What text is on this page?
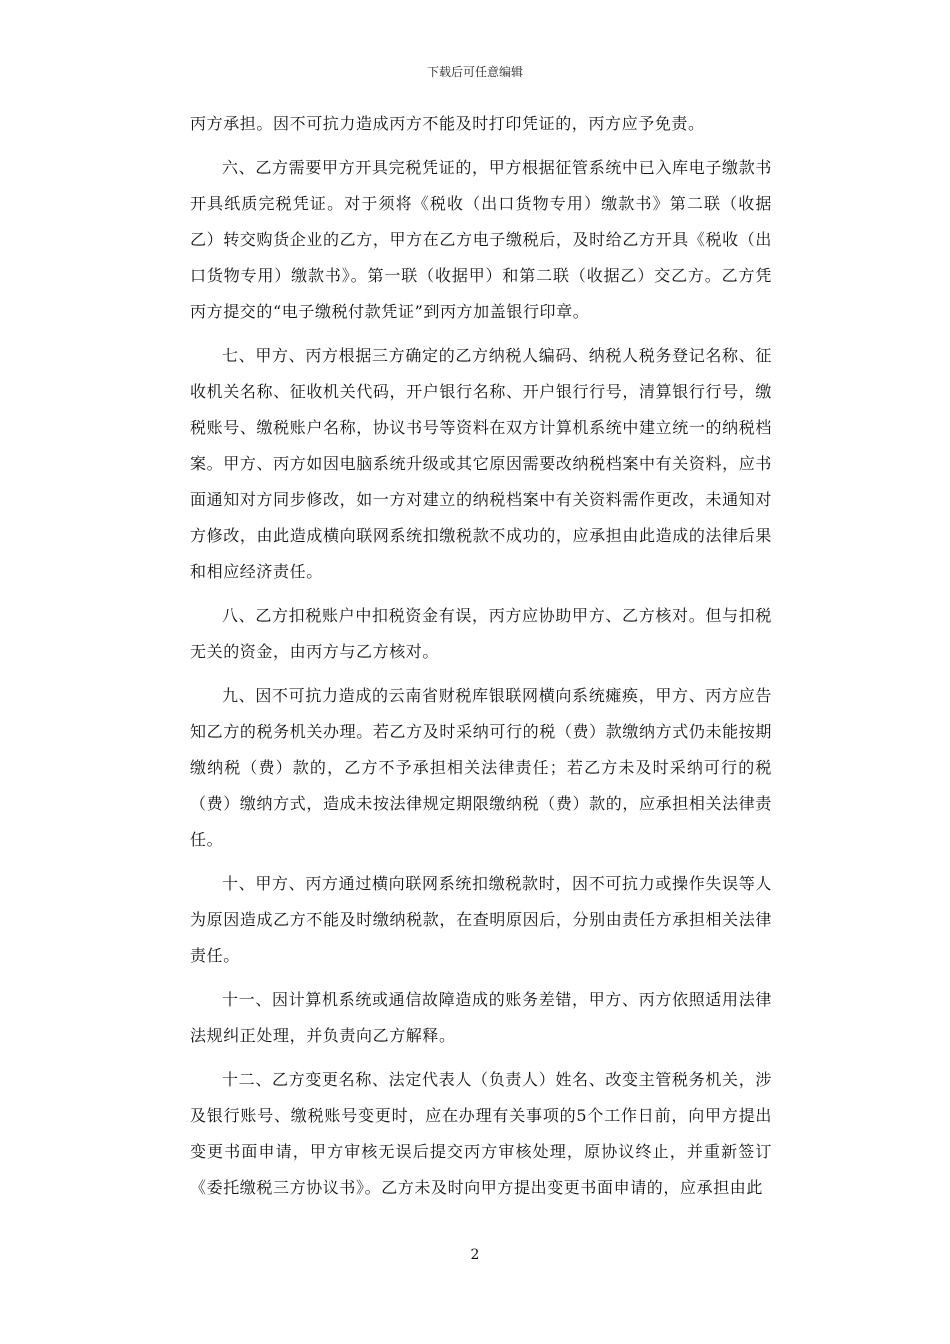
下载后可任意编辑

丙方承担。因不可抗力造成丙方不能及时打印凭证的，丙方应予免责。

六、乙方需要甲方开具完税凭证的，甲方根据征管系统中已入库电子缴款书开具纸质完税凭证。对于须将《税收（出口货物专用）缴款书》第二联（收据乙）转交购货企业的乙方，甲方在乙方电子缴税后，及时给乙方开具《税收（出口货物专用）缴款书》。第一联（收据甲）和第二联（收据乙）交乙方。乙方凭丙方提交的“电子缴税付款凭证”到丙方加盖银行印章。

七、甲方、丙方根据三方确定的乙方纳税人编码、纳税人税务登记名称、征收机关名称、征收机关代码，开户银行名称、开户银行行号，清算银行行号，缴税账号、缴税账户名称，协议书号等资料在双方计算机系统中建立统一的纳税档案。甲方、丙方如因电脑系统升级或其它原因需要改纳税档案中有关资料，应书面通知对方同步修改，如一方对建立的纳税档案中有关资料需作更改，未通知对方修改，由此造成横向联网系统扣缴税款不成功的，应承担由此造成的法律后果和相应经济责任。

八、乙方扣税账户中扣税资金有误，丙方应协助甲方、乙方核对。但与扣税无关的资金，由丙方与乙方核对。

九、因不可抗力造成的云南省财税库银联网横向系统瘫痪，甲方、丙方应告知乙方的税务机关办理。若乙方及时采纳可行的税（费）款缴纳方式仍未能按期缴纳税（费）款的，乙方不予承担相关法律责任；若乙方未及时采纳可行的税（费）缴纳方式，造成未按法律规定期限缴纳税（费）款的，应承担相关法律责任。

十、甲方、丙方通过横向联网系统扣缴税款时，因不可抗力或操作失误等人为原因造成乙方不能及时缴纳税款，在查明原因后，分别由责任方承担相关法律责任。

十一、因计算机系统或通信故障造成的账务差错，甲方、丙方依照适用法律法规纠正处理，并负责向乙方解释。

十二、乙方变更名称、法定代表人（负责人）姓名、改变主管税务机关，涉及银行账号、缴税账号变更时，应在办理有关事项的5个工作日前，向甲方提出变更书面申请，甲方审核无误后提交丙方审核处理，原协议终止，并重新签订《委托缴税三方协议书》。乙方未及时向甲方提出变更书面申请的，应承担由此

2
